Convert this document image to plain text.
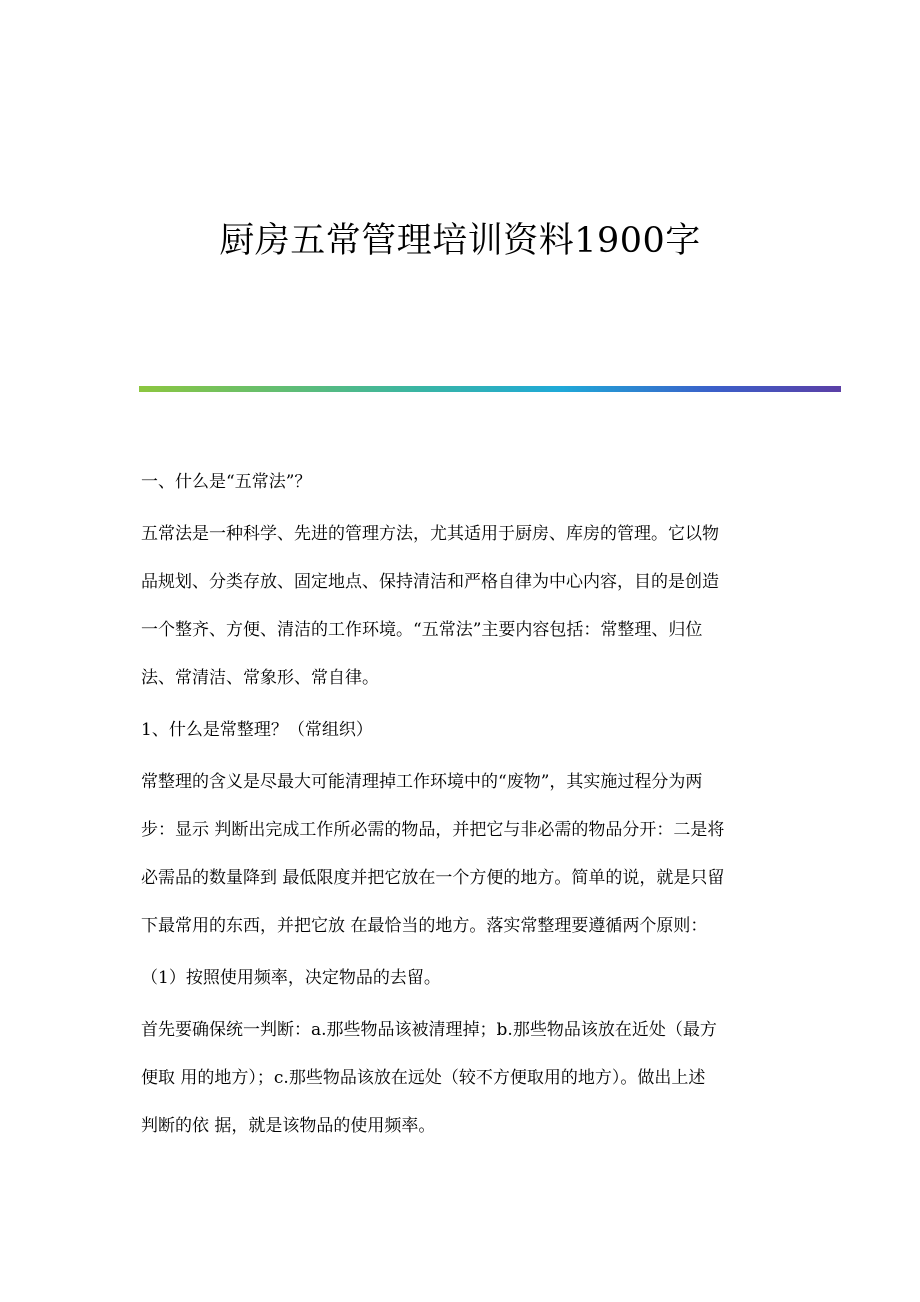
厨房五常管理培训资料1900字
一、什么是“五常法”？
五常法是一种科学、先进的管理方法，尤其适用于厨房、库房的管理。它以物
品规划、分类存放、固定地点、保持清洁和严格自律为中心内容，目的是创造
一个整齐、方便、清洁的工作环境。“五常法”主要内容包括：常整理、归位
法、常清洁、常象形、常自律。
1、什么是常整理？（常组织）
常整理的含义是尽最大可能清理掉工作环境中的“废物”，其实施过程分为两
步：显示 判断出完成工作所必需的物品，并把它与非必需的物品分开：二是将
必需品的数量降到 最低限度并把它放在一个方便的地方。简单的说，就是只留
下最常用的东西，并把它放 在最恰当的地方。落实常整理要遵循两个原则：
（1）按照使用频率，决定物品的去留。
首先要确保统一判断：a.那些物品该被清理掉；b.那些物品该放在近处（最方
便取 用的地方）；c.那些物品该放在远处（较不方便取用的地方）。做出上述
判断的依 据，就是该物品的使用频率。
